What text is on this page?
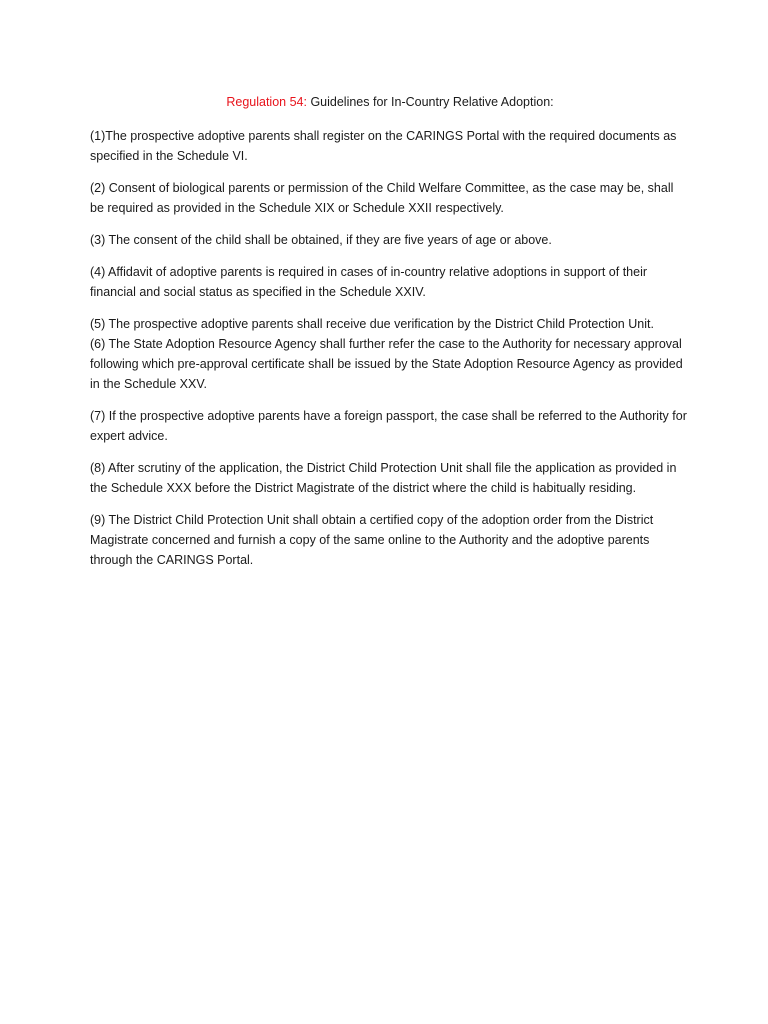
Regulation 54: Guidelines for In-Country Relative Adoption:

(1)The prospective adoptive parents shall register on the CARINGS Portal with the required documents as specified in the Schedule VI.

(2) Consent of biological parents or permission of the Child Welfare Committee, as the case may be, shall be required as provided in the Schedule XIX or Schedule XXII respectively.

(3) The consent of the child shall be obtained, if they are five years of age or above.

(4) Affidavit of adoptive parents is required in cases of in-country relative adoptions in support of their financial and social status as specified in the Schedule XXIV.

(5) The prospective adoptive parents shall receive due verification by the District Child Protection Unit.

(6) The State Adoption Resource Agency shall further refer the case to the Authority for necessary approval following which pre-approval certificate shall be issued by the State Adoption Resource Agency as provided in the Schedule XXV.

(7) If the prospective adoptive parents have a foreign passport, the case shall be referred to the Authority for expert advice.

(8) After scrutiny of the application, the District Child Protection Unit shall file the application as provided in the Schedule XXX before the District Magistrate of the district where the child is habitually residing.

(9) The District Child Protection Unit shall obtain a certified copy of the adoption order from the District Magistrate concerned and furnish a copy of the same online to the Authority and the adoptive parents through the CARINGS Portal.
